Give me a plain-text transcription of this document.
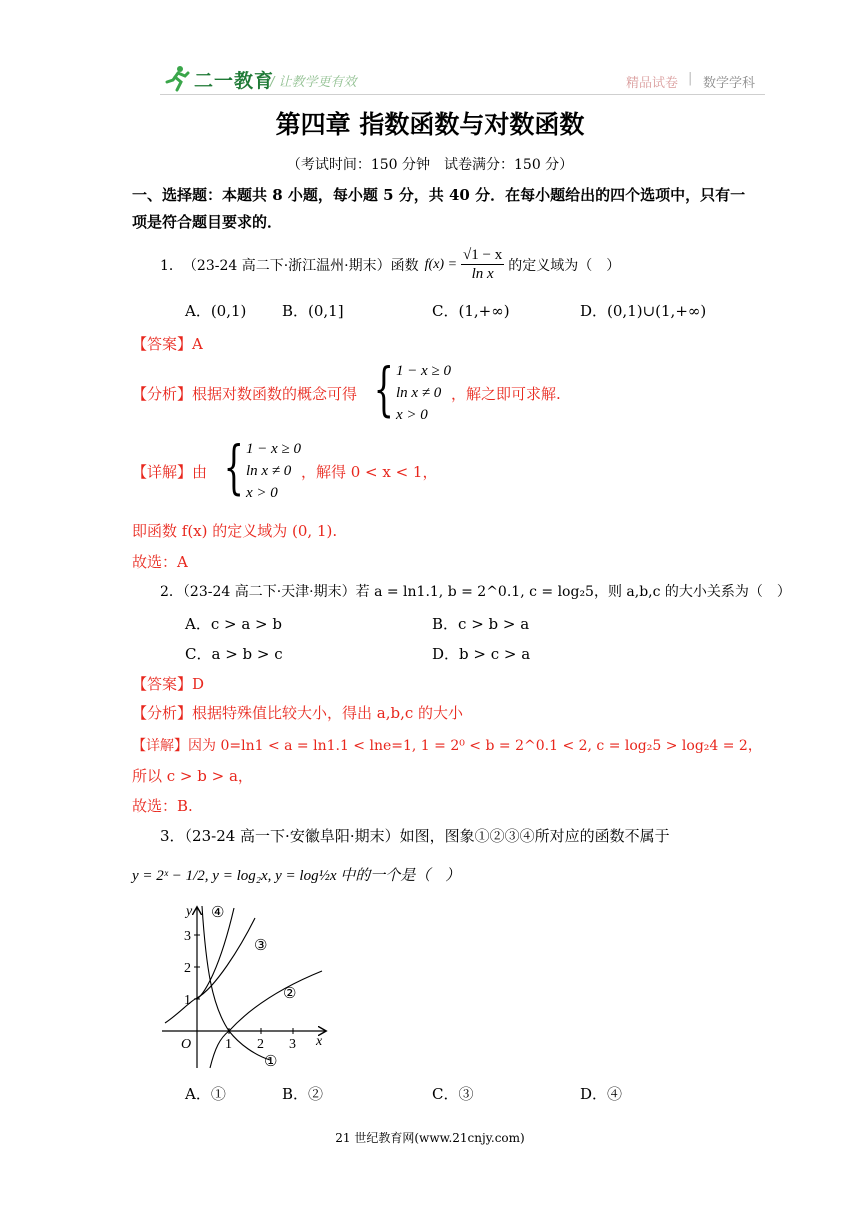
二一教育
/ 让教学更有效	精品试卷 | 数学学科
第四章 指数函数与对数函数
（考试时间：150 分钟　试卷满分：150 分）
一、选择题：本题共 8 小题，每小题 5 分，共 40 分．在每小题给出的四个选项中，只有一
项是符合题目要求的．
1． （23-24 高二下·浙江温州·期末）函数 $f(x) = \frac{√1 - x}{\text{ln x}}$ 的定义域为（　）
A．(0,1) B．(0,1]	C．(1,+∞)	D．(0,1)∪(1,+∞)
【答案】A
【分析】 根据对数函数的概念可得 { 1 − x ≥ 0
ln x ≠ 0
x > 0
，解之即可求解.
【详解】 由 { 1 − x ≥ 0
ln x ≠ 0
x > 0
，解得 0 < x < 1，
即函数 f(x) 的定义域为 (0, 1).
故选：A
2．（23-24 高二下·天津·期末）若 a = ln1.1, b = 2^0.1, c = log₂5，则 a,b,c 的大小关系为（　）
A．c > a > b	B．c > b > a
C．a > b > c	D．b > c > a
【答案】D
【分析】根据特殊值比较大小，得出 a,b,c 的大小
【详解】因为 0=ln1 < a = ln1.1 < lne=1, 1 = 2⁰ < b = 2^0.1 < 2, c = log₂5 > log₂4 = 2，
所以 c > b > a，
故选：B.
3．（23-24 高一下·安徽阜阳·期末）如图，图象①②③④所对应的函数不属于
y = 2ˣ − 1/2, y = log₂x, y = log½x 中的一个是（　）
y
x
O 1 2 3
1
2
3
①
②
③
④
A．①	B．②	C．③	D．④
21 世纪教育网(www.21cnjy.com)
